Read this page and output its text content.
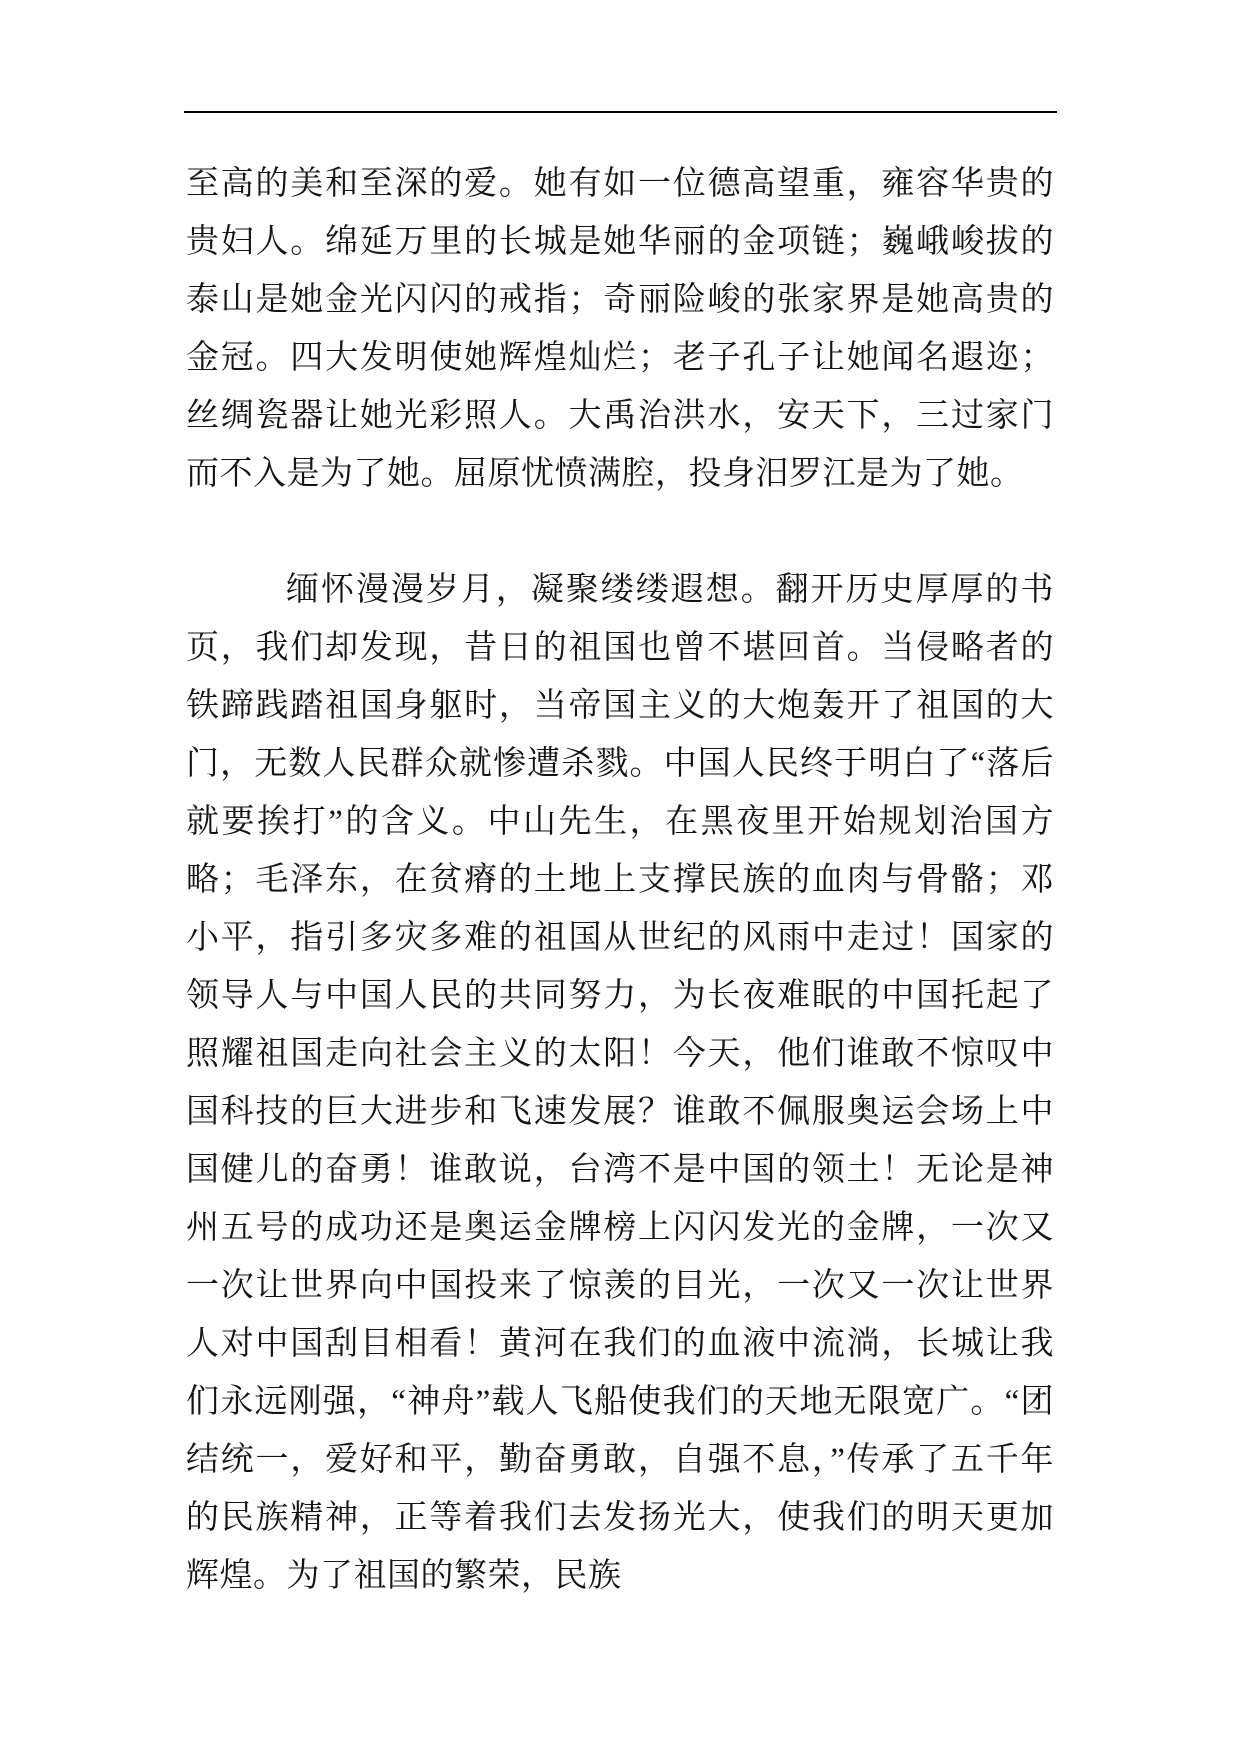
至高的美和至深的爱。她有如一位德高望重，雍容华贵的贵妇人。绵延万里的长城是她华丽的金项链；巍峨峻拔的泰山是她金光闪闪的戒指；奇丽险峻的张家界是她高贵的金冠。四大发明使她辉煌灿烂；老子孔子让她闻名遐迩；丝绸瓷器让她光彩照人。大禹治洪水，安天下，三过家门而不入是为了她。屈原忧愤满腔，投身汨罗江是为了她。

缅怀漫漫岁月，凝聚缕缕遐想。翻开历史厚厚的书页，我们却发现，昔日的祖国也曾不堪回首。当侵略者的铁蹄践踏祖国身躯时，当帝国主义的大炮轰开了祖国的大门，无数人民群众就惨遭杀戮。中国人民终于明白了“落后就要挨打”的含义。中山先生，在黑夜里开始规划治国方略；毛泽东，在贫瘠的土地上支撑民族的血肉与骨骼；邓小平，指引多灾多难的祖国从世纪的风雨中走过！国家的领导人与中国人民的共同努力，为长夜难眠的中国托起了照耀祖国走向社会主义的太阳！今天，他们谁敢不惊叹中国科技的巨大进步和飞速发展？谁敢不佩服奥运会场上中国健儿的奋勇！谁敢说，台湾不是中国的领土！无论是神州五号的成功还是奥运金牌榜上闪闪发光的金牌，一次又一次让世界向中国投来了惊羡的目光，一次又一次让世界人对中国刮目相看！黄河在我们的血液中流淌，长城让我们永远刚强，“神舟”载人飞船使我们的天地无限宽广。“团结统一，爱好和平，勤奋勇敢，自强不息，”传承了五千年的民族精神，正等着我们去发扬光大，使我们的明天更加辉煌。为了祖国的繁荣，民族
